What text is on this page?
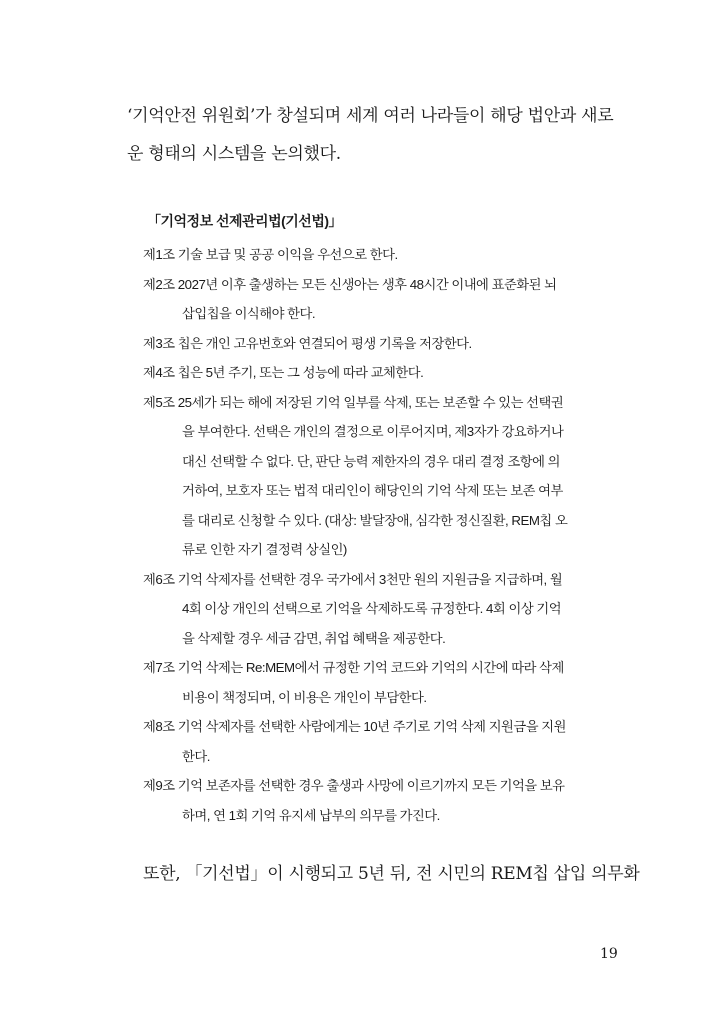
‘기억안전 위원회’가 창설되며 세계 여러 나라들이 해당 법안과 새로
운 형태의 시스템을 논의했다.

「기억정보 선제관리법(기선법)」
제1조 기술 보급 및 공공 이익을 우선으로 한다.
제2조 2027년 이후 출생하는 모든 신생아는 생후 48시간 이내에 표준화된 뇌
삽입칩을 이식해야 한다.
제3조 칩은 개인 고유번호와 연결되어 평생 기록을 저장한다.
제4조 칩은 5년 주기, 또는 그 성능에 따라 교체한다.
제5조 25세가 되는 해에 저장된 기억 일부를 삭제, 또는 보존할 수 있는 선택권
을 부여한다. 선택은 개인의 결정으로 이루어지며, 제3자가 강요하거나
대신 선택할 수 없다. 단, 판단 능력 제한자의 경우 대리 결정 조항에 의
거하여, 보호자 또는 법적 대리인이 해당인의 기억 삭제 또는 보존 여부
를 대리로 신청할 수 있다. (대상: 발달장애, 심각한 정신질환, REM칩 오
류로 인한 자기 결정력 상실인)
제6조 기억 삭제자를 선택한 경우 국가에서 3천만 원의 지원금을 지급하며, 월
4회 이상 개인의 선택으로 기억을 삭제하도록 규정한다. 4회 이상 기억
을 삭제할 경우 세금 감면, 취업 혜택을 제공한다.
제7조 기억 삭제는 Re:MEM에서 규정한 기억 코드와 기억의 시간에 따라 삭제
비용이 책정되며, 이 비용은 개인이 부담한다.
제8조 기억 삭제자를 선택한 사람에게는 10년 주기로 기억 삭제 지원금을 지원
한다.
제9조 기억 보존자를 선택한 경우 출생과 사망에 이르기까지 모든 기억을 보유
하며, 연 1회 기억 유지세 납부의 의무를 가진다.
또한, 「기선법」이 시행되고 5년 뒤, 전 시민의 REM칩 삽입 의무화
19
